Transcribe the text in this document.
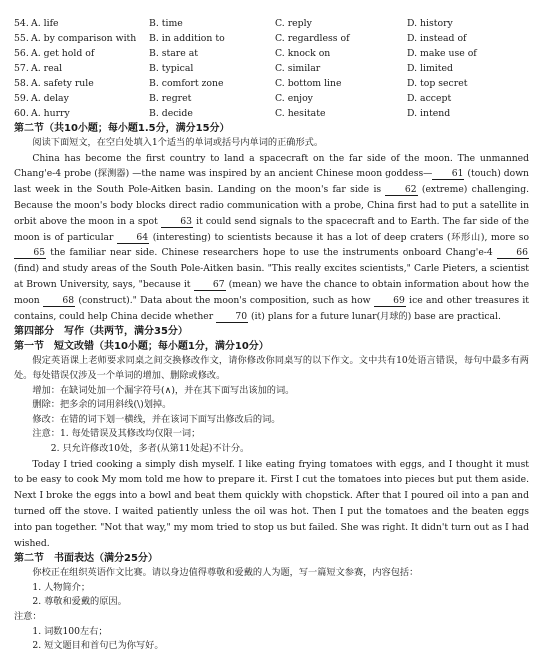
54. A. life	B. time	C. reply	D. history
55. A. by comparison with	B. in addition to	C. regardless of	D. instead of
56. A. get hold of	B. stare at	C. knock on	D. make use of
57. A. real	B. typical	C. similar	D. limited
58. A. safety rule	B. comfort zone	C. bottom line	D. top secret
59. A. delay	B. regret	C. enjoy	D. accept
60. A. hurry	B. decide	C. hesitate	D. intend

第二节（共10小题；每小题1.5分，满分15分）

阅读下面短文，在空白处填入1个适当的单词或括号内单词的正确形式。

China has become the first country to land a spacecraft on the far side of the moon. The unmanned Chang'e-4 probe (探测器) —the name was inspired by an ancient Chinese moon goddess— 61 (touch) down last week in the South Pole-Aitken basin. Landing on the moon's far side is 62 (extreme) challenging. Because the moon's body blocks direct radio communication with a probe, China first had to put a satellite in orbit above the moon in a spot 63 it could send signals to the spacecraft and to Earth. The far side of the moon is of particular 64 (interesting) to scientists because it has a lot of deep craters (环形山), more so 65 the familiar near side. Chinese researchers hope to use the instruments onboard Chang'e-4 66 (find) and study areas of the South Pole-Aitken basin. "This really excites scientists," Carle Pieters, a scientist at Brown University, says, "because it 67 (mean) we have the chance to obtain information about how the moon 68 (construct)." Data about the moon's composition, such as how 69 ice and other treasures it contains, could help China decide whether 70 (it) plans for a future lunar(月球的) base are practical.

第四部分　写作（共两节，满分35分）

第一节　短文改错（共10小题；每小题1分，满分10分）

假定英语课上老师要求同桌之间交换修改作文，请你修改你同桌写的以下作文。文中共有10处语言错误，每句中最多有两处。每处错误仅涉及一个单词的增加、删除或修改。

增加：在缺词处加一个漏字符号(∧)，并在其下面写出该加的词。

删除：把多余的词用斜线(\)划掉。

修改：在错的词下划一横线，并在该词下面写出修改后的词。

注意：1. 每处错误及其修改均仅限一词；

2. 只允许修改10处，多者(从第11处起)不计分。

Today I tried cooking a simply dish myself. I like eating frying tomatoes with eggs, and I thought it must to be easy to cook My mom told me how to prepare it. First I cut the tomatoes into pieces but put them aside. Next I broke the eggs into a bowl and beat them quickly with chopstick. After that I poured oil into a pan and turned off the stove. I waited patiently unless the oil was hot. Then I put the tomatoes and the beaten eggs into pan together. "Not that way," my mom tried to stop us but failed. She was right. It didn't turn out as I had wished.

第二节　书面表达（满分25分）

你校正在组织英语作文比赛。请以身边值得尊敬和爱戴的人为题，写一篇短文参赛，内容包括：

1. 人物简介；

2. 尊敬和爱戴的原因。

注意：

1. 词数100左右；

2. 短文题目和首句已为你写好。
